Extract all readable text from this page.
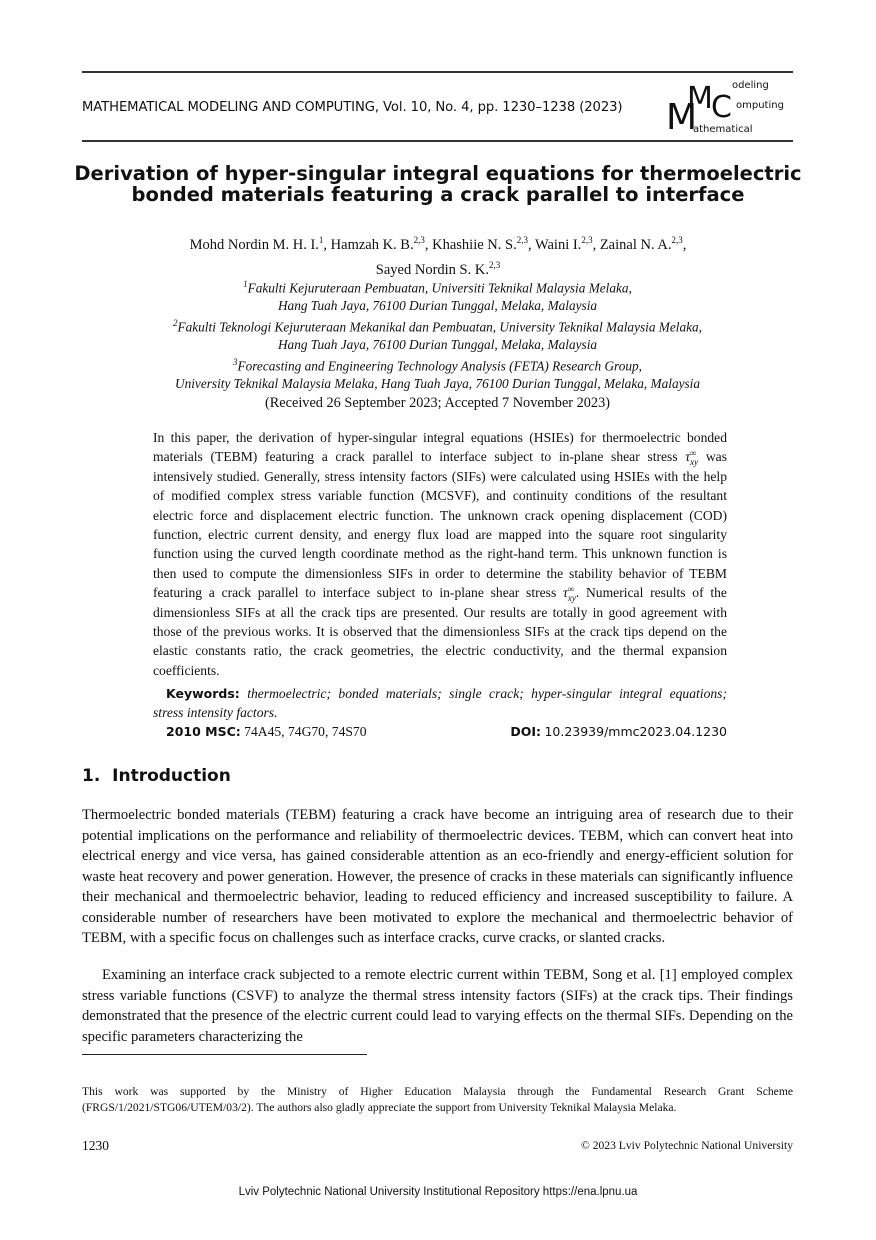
MATHEMATICAL MODELING AND COMPUTING, Vol. 10, No. 4, pp. 1230–1238 (2023) M
M
C
odeling
omputing
athematical
Derivation of hyper-singular integral equations for thermoelectric
bonded materials featuring a crack parallel to interface
Mohd Nordin M. H. I.$^1$, Hamzah K. B.$^{2,3}$, Khashiie N. S.$^{2,3}$, Waini I.$^{2,3}$, Zainal N. A.$^{2,3}$,
Sayed Nordin S. K.$^{2,3}$
$^1$Fakulti Kejuruteraan Pembuatan, Universiti Teknikal Malaysia Melaka,
Hang Tuah Jaya, 76100 Durian Tunggal, Melaka, Malaysia
$^2$Fakulti Teknologi Kejuruteraan Mekanikal dan Pembuatan, University Teknikal Malaysia Melaka,
Hang Tuah Jaya, 76100 Durian Tunggal, Melaka, Malaysia
$^3$Forecasting and Engineering Technology Analysis (FETA) Research Group,
University Teknikal Malaysia Melaka, Hang Tuah Jaya, 76100 Durian Tunggal, Melaka, Malaysia
(Received 26 September 2023; Accepted 7 November 2023)
In this paper, the derivation of hyper-singular integral equations (HSIEs) for thermoelectric bonded materials (TEBM) featuring a crack parallel to interface subject to in-plane shear stress τ ∞
xy was intensively studied. Generally, stress intensity factors (SIFs) were calculated using HSIEs with the help of modified complex stress variable function (MCSVF), and continuity conditions of the resultant electric force and displacement electric function. The unknown crack opening displacement (COD) function, electric current density, and energy flux load are mapped into the square root singularity function using the curved length coordinate method as the right-hand term. This unknown function is then used to compute the dimensionless SIFs in order to determine the stability behavior of TEBM featuring a crack parallel to interface subject to in-plane shear stress τ ∞
xy . Numerical results of the dimensionless SIFs at all the crack tips are presented. Our results are totally in good agreement with those of the previous works. It is observed that the dimensionless SIFs at the crack tips depend on the elastic constants ratio, the crack geometries, the electric conductivity, and the thermal expansion coefficients.
Keywords: thermoelectric; bonded materials; single crack; hyper-singular integral equations; stress intensity factors.
2010 MSC: 74A45, 74G70, 74S70	DOI: 10.23939/mmc2023.04.1230
1. Introduction
Thermoelectric bonded materials (TEBM) featuring a crack have become an intriguing area of research due to their potential implications on the performance and reliability of thermoelectric devices. TEBM, which can convert heat into electrical energy and vice versa, has gained considerable attention as an eco-friendly and energy-efficient solution for waste heat recovery and power generation. However, the presence of cracks in these materials can significantly influence their mechanical and thermoelectric behavior, leading to reduced efficiency and increased susceptibility to failure. A considerable number of researchers have been motivated to explore the mechanical and thermoelectric behavior of TEBM, with a specific focus on challenges such as interface cracks, curve cracks, or slanted cracks.
Examining an interface crack subjected to a remote electric current within TEBM, Song et al. [1] employed complex stress variable functions (CSVF) to analyze the thermal stress intensity factors (SIFs) at the crack tips. Their findings demonstrated that the presence of the electric current could lead to varying effects on the thermal SIFs. Depending on the specific parameters characterizing the
This work was supported by the Ministry of Higher Education Malaysia through the Fundamental Research Grant Scheme (FRGS/1/2021/STG06/UTEM/03/2). The authors also gladly appreciate the support from University Teknikal Malaysia Melaka.
1230	© 2023 Lviv Polytechnic National University
Lviv Polytechnic National University Institutional Repository https://ena.lpnu.ua
